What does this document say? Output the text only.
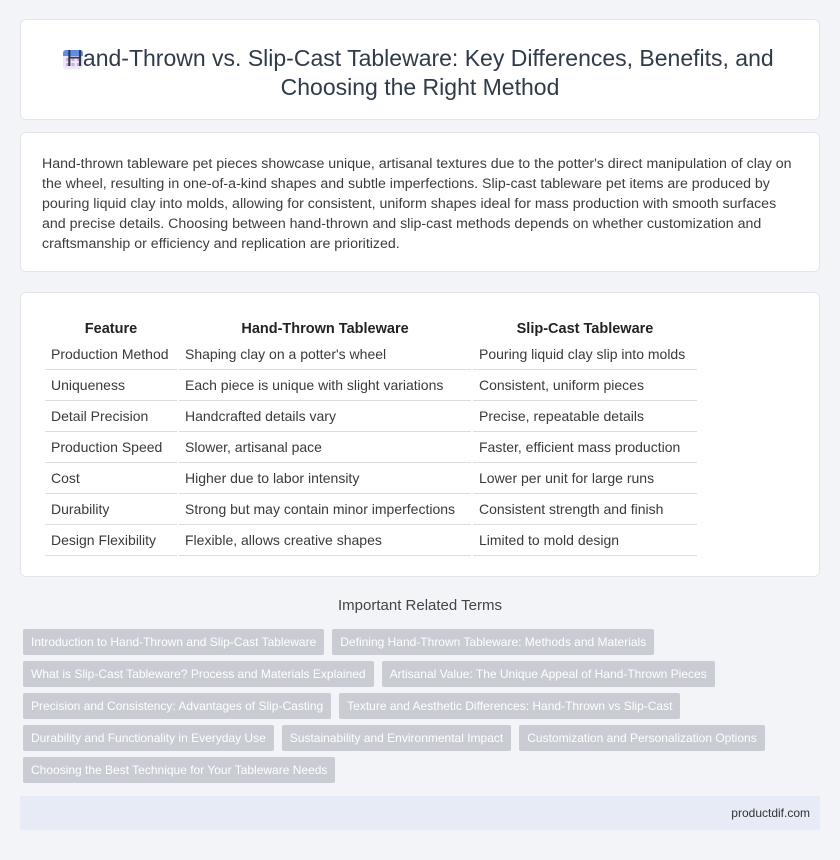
Hand-Thrown vs. Slip-Cast Tableware: Key Differences, Benefits, and Choosing the Right Method

Hand-thrown tableware pet pieces showcase unique, artisanal textures due to the potter's direct manipulation of clay on the wheel, resulting in one-of-a-kind shapes and subtle imperfections. Slip-cast tableware pet items are produced by pouring liquid clay into molds, allowing for consistent, uniform shapes ideal for mass production with smooth surfaces and precise details. Choosing between hand-thrown and slip-cast methods depends on whether customization and craftsmanship or efficiency and replication are prioritized.

Feature	Hand-Thrown Tableware	Slip-Cast Tableware
Production Method	Shaping clay on a potter's wheel	Pouring liquid clay slip into molds
Uniqueness	Each piece is unique with slight variations	Consistent, uniform pieces
Detail Precision	Handcrafted details vary	Precise, repeatable details
Production Speed	Slower, artisanal pace	Faster, efficient mass production
Cost	Higher due to labor intensity	Lower per unit for large runs
Durability	Strong but may contain minor imperfections	Consistent strength and finish
Design Flexibility	Flexible, allows creative shapes	Limited to mold design
Important Related Terms
Introduction to Hand-Thrown and Slip-Cast Tableware	Defining Hand-Thrown Tableware: Methods and Materials
What is Slip-Cast Tableware? Process and Materials Explained	Artisanal Value: The Unique Appeal of Hand-Thrown Pieces
Precision and Consistency: Advantages of Slip-Casting	Texture and Aesthetic Differences: Hand-Thrown vs Slip-Cast
Durability and Functionality in Everyday Use	Sustainability and Environmental Impact	Customization and Personalization Options
Choosing the Best Technique for Your Tableware Needs
productdif.com
